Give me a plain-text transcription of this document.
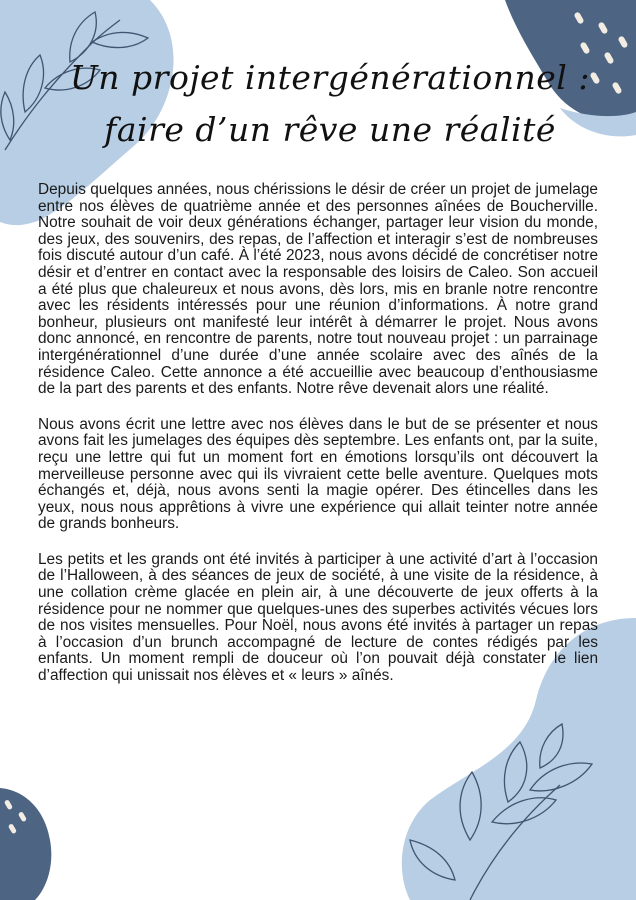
Un projet intergénérationnel :
faire d’un rêve une réalité

Depuis quelques années, nous chérissions le désir de créer un projet de jumelage entre nos élèves de quatrième année et des personnes aînées de Boucherville. Notre souhait de voir deux générations échanger, partager leur vision du monde, des jeux, des souvenirs, des repas, de l’affection et interagir s’est de nombreuses fois discuté autour d’un café. À l’été 2023, nous avons décidé de concrétiser notre désir et d’entrer en contact avec la responsable des loisirs de Caleo. Son accueil a été plus que chaleureux et nous avons, dès lors, mis en branle notre rencontre avec les résidents intéressés pour une réunion d’informations. À notre grand bonheur, plusieurs ont manifesté leur intérêt à démarrer le projet. Nous avons donc annoncé, en rencontre de parents, notre tout nouveau projet : un parrainage intergénérationnel d’une durée d’une année scolaire avec des aînés de la résidence Caleo. Cette annonce a été accueillie avec beaucoup d’enthousiasme de la part des parents et des enfants. Notre rêve devenait alors une réalité.

Nous avons écrit une lettre avec nos élèves dans le but de se présenter et nous avons fait les jumelages des équipes dès septembre. Les enfants ont, par la suite, reçu une lettre qui fut un moment fort en émotions lorsqu’ils ont découvert la merveilleuse personne avec qui ils vivraient cette belle aventure. Quelques mots échangés et, déjà, nous avons senti la magie opérer. Des étincelles dans les yeux, nous nous apprêtions à vivre une expérience qui allait teinter notre année de grands bonheurs.

Les petits et les grands ont été invités à participer à une activité d’art à l’occasion de l’Halloween, à des séances de jeux de société, à une visite de la résidence, à une collation crème glacée en plein air, à une découverte de jeux offerts à la résidence pour ne nommer que quelques-unes des superbes activités vécues lors de nos visites mensuelles. Pour Noël, nous avons été invités à partager un repas à l’occasion d’un brunch accompagné de lecture de contes rédigés par les enfants. Un moment rempli de douceur où l’on pouvait déjà constater le lien d’affection qui unissait nos élèves et « leurs » aînés.
